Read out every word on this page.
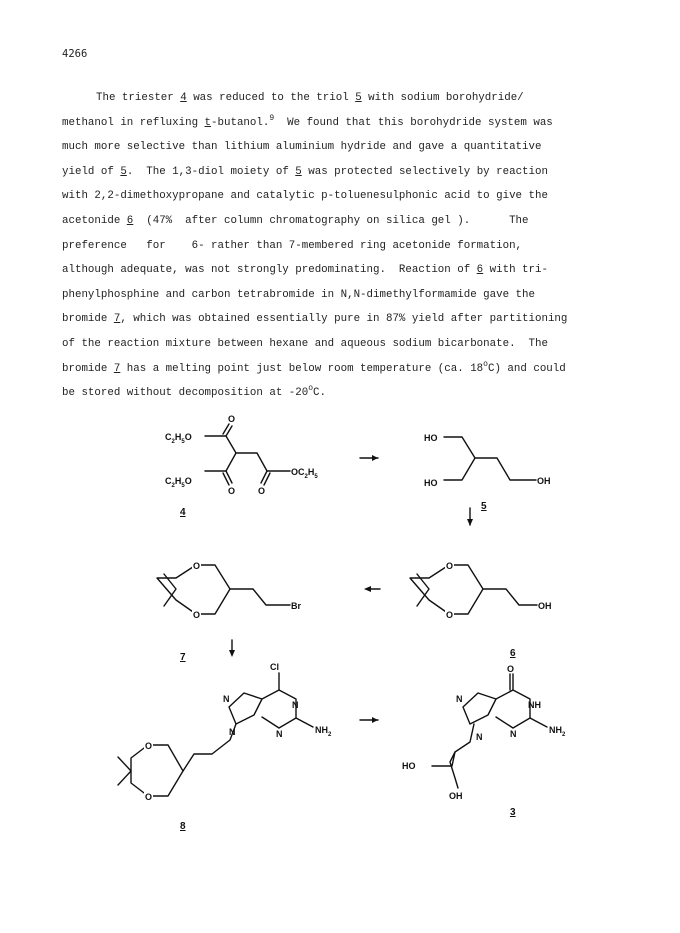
4266
The triester 4 was reduced to the triol 5 with sodium borohydride/
methanol in refluxing t-butanol.$^9$  We found that this borohydride system was
much more selective than lithium aluminium hydride and gave a quantitative
yield of 5.  The 1,3-diol moiety of 5 was protected selectively by reaction
with 2,2-dimethoxypropane and catalytic p-toluenesulphonic acid to give the
acetonide 6  (47%  after column chromatography on silica gel ).      The
preference   for    6- rather than 7-membered ring acetonide formation,
although adequate, was not strongly predominating.  Reaction of 6 with tri-
phenylphosphine and carbon tetrabromide in N,N-dimethylformamide gave the
bromide 7, which was obtained essentially pure in 87% yield after partitioning
of the reaction mixture between hexane and aqueous sodium bicarbonate.  The
bromide 7 has a melting point just below room temperature (ca. 18$^o$C) and could
be stored without decomposition at -20$^o$C.
$C_2H_5O$
$C_2H_5O$
O
O	O
$OC_2H_5$
4
HO
HO	OH
5
O
O
Br
7
O
O
OH
6
Cl
N
N
N
N	$NH_2$
O
O
8
O
N
NH
N
N
$NH_2$
HO
OH
3
